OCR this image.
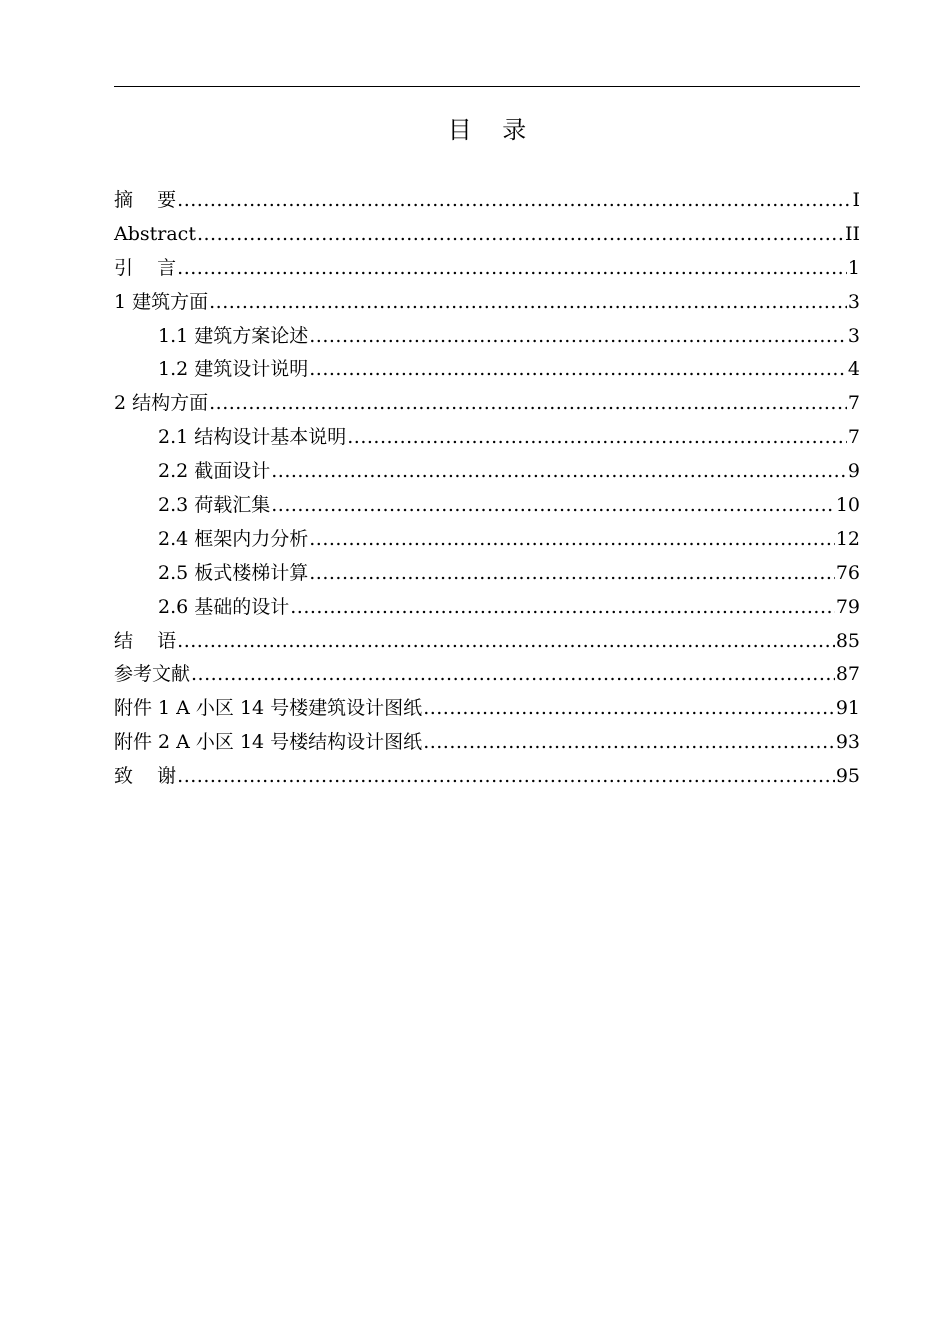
目    录
摘    要 .....	I
Abstract .....	II
引    言 .....	1
1 建筑方面 .....	3
1.1 建筑方案论述 .....	3
1.2 建筑设计说明 .....	4
2 结构方面 .....	7
2.1 结构设计基本说明 .....	7
2.2 截面设计 .....	9
2.3 荷载汇集 .....	10
2.4 框架内力分析 .....	12
2.5 板式楼梯计算 .....	76
2.6 基础的设计 .....	79
结    语 .....	85
参考文献 .....	87
附件 1 A 小区 14 号楼建筑设计图纸 .....	91
附件 2 A 小区 14 号楼结构设计图纸 .....	93
致    谢 .....	95
